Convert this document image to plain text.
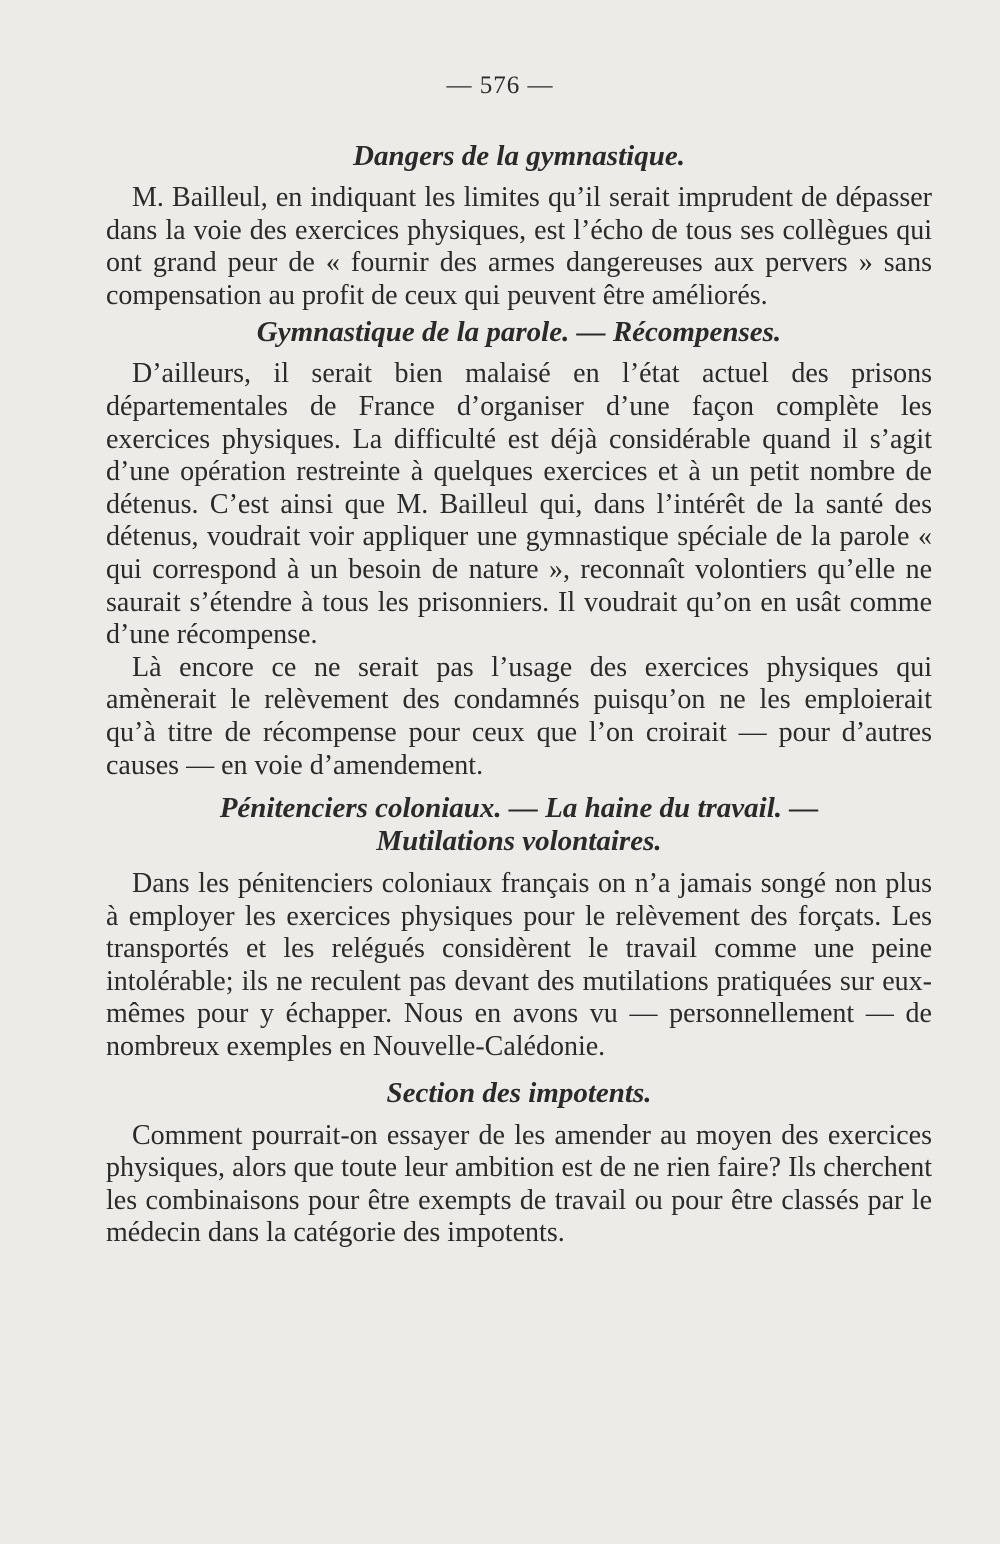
— 576 —
Dangers de la gymnastique.

M. Bailleul, en indiquant les limites qu’il serait imprudent de dépasser dans la voie des exercices physiques, est l’écho de tous ses collègues qui ont grand peur de « fournir des armes dangereuses aux pervers » sans compensation au profit de ceux qui peuvent être améliorés.

Gymnastique de la parole. — Récompenses.

D’ailleurs, il serait bien malaisé en l’état actuel des prisons départementales de France d’organiser d’une façon complète les exercices physiques. La difficulté est déjà considérable quand il s’agit d’une opération restreinte à quelques exercices et à un petit nombre de détenus. C’est ainsi que M. Bailleul qui, dans l’intérêt de la santé des détenus, voudrait voir appliquer une gymnastique spéciale de la parole « qui correspond à un besoin de nature », reconnaît volontiers qu’elle ne saurait s’étendre à tous les prisonniers. Il voudrait qu’on en usât comme d’une récompense.

Là encore ce ne serait pas l’usage des exercices physiques qui amènerait le relèvement des condamnés puisqu’on ne les emploierait qu’à titre de récompense pour ceux que l’on croirait — pour d’autres causes — en voie d’amendement.

Pénitenciers coloniaux. — La haine du travail. —
Mutilations volontaires.

Dans les pénitenciers coloniaux français on n’a jamais songé non plus à employer les exercices physiques pour le relèvement des forçats. Les transportés et les relégués considèrent le travail comme une peine intolérable; ils ne reculent pas devant des mutilations pratiquées sur eux-mêmes pour y échapper. Nous en avons vu — personnellement — de nombreux exemples en Nouvelle-Calédonie.

Section des impotents.

Comment pourrait-on essayer de les amender au moyen des exercices physiques, alors que toute leur ambition est de ne rien faire? Ils cherchent les combinaisons pour être exempts de travail ou pour être classés par le médecin dans la catégorie des impotents.
